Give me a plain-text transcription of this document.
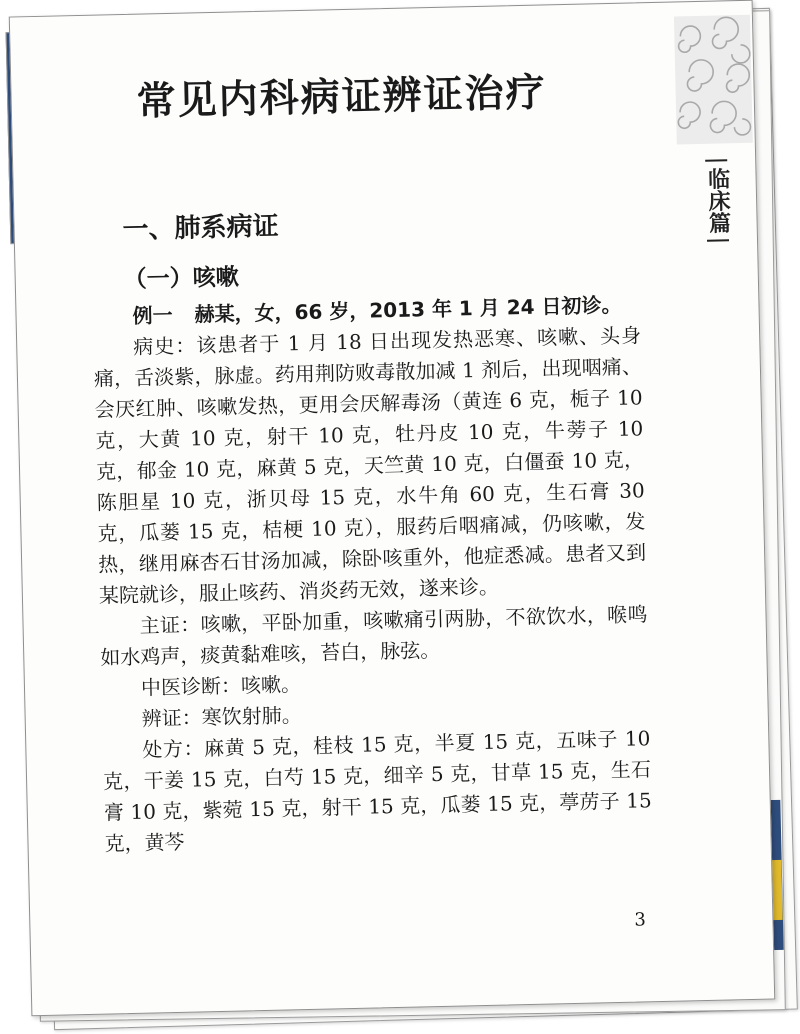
临床篇
常见内科病证辨证治疗
一、肺系病证
（一）咳嗽

例一 赫某，女，66 岁，2013 年 1 月 24 日初诊。

病史：该患者于 1 月 18 日出现发热恶寒、咳嗽、头身痛，舌淡紫，脉虚。药用荆防败毒散加减 1 剂后，出现咽痛、会厌红肿、咳嗽发热，更用会厌解毒汤（黄连 6 克，栀子 10 克，大黄 10 克，射干 10 克，牡丹皮 10 克，牛蒡子 10 克，郁金 10 克，麻黄 5 克，天竺黄 10 克，白僵蚕 10 克，陈胆星 10 克，浙贝母 15 克，水牛角 60 克，生石膏 30 克，瓜蒌 15 克，桔梗 10 克），服药后咽痛减，仍咳嗽，发热，继用麻杏石甘汤加减，除卧咳重外，他症悉减。患者又到某院就诊，服止咳药、消炎药无效，遂来诊。

主证：咳嗽，平卧加重，咳嗽痛引两胁，不欲饮水，喉鸣如水鸡声，痰黄黏难咳，苔白，脉弦。

中医诊断：咳嗽。

辨证：寒饮射肺。

处方：麻黄 5 克，桂枝 15 克，半夏 15 克，五味子 10 克，干姜 15 克，白芍 15 克，细辛 5 克，甘草 15 克，生石膏 10 克，紫菀 15 克，射干 15 克，瓜蒌 15 克，葶苈子 15 克，黄芩

3
